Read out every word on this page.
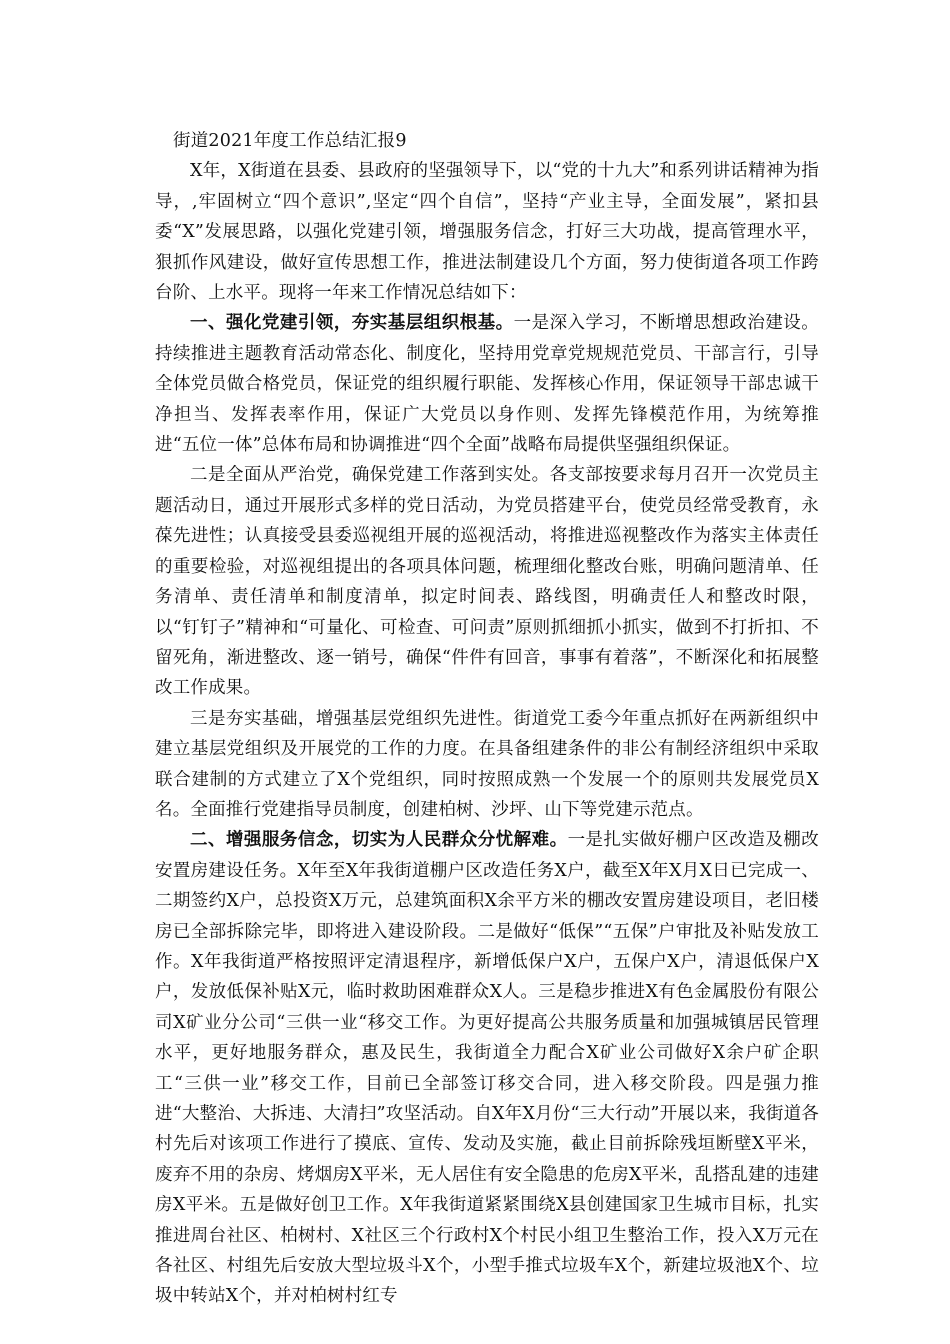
街道2021年度工作总结汇报9

X年，X街道在县委、县政府的坚强领导下，以“党的十九大”和系列讲话精神为指导，,牢固树立“四个意识”,坚定“四个自信”，坚持“产业主导，全面发展”，紧扣县委“X”发展思路，以强化党建引领，增强服务信念，打好三大功战，提高管理水平，狠抓作风建设，做好宣传思想工作，推进法制建设几个方面，努力使街道各项工作跨台阶、上水平。现将一年来工作情况总结如下：

一、强化党建引领，夯实基层组织根基。一是深入学习，不断增思想政治建设。持续推进主题教育活动常态化、制度化，坚持用党章党规规范党员、干部言行，引导全体党员做合格党员，保证党的组织履行职能、发挥核心作用，保证领导干部忠诚干净担当、发挥表率作用，保证广大党员以身作则、发挥先锋模范作用，为统筹推进“五位一体”总体布局和协调推进“四个全面”战略布局提供坚强组织保证。

二是全面从严治党，确保党建工作落到实处。各支部按要求每月召开一次党员主题活动日，通过开展形式多样的党日活动，为党员搭建平台，使党员经常受教育，永葆先进性；认真接受县委巡视组开展的巡视活动，将推进巡视整改作为落实主体责任的重要检验，对巡视组提出的各项具体问题，梳理细化整改台账，明确问题清单、任务清单、责任清单和制度清单，拟定时间表、路线图，明确责任人和整改时限，以“钉钉子”精神和“可量化、可检查、可问责”原则抓细抓小抓实，做到不打折扣、不留死角，渐进整改、逐一销号，确保“件件有回音，事事有着落”，不断深化和拓展整改工作成果。

三是夯实基础，增强基层党组织先进性。街道党工委今年重点抓好在两新组织中建立基层党组织及开展党的工作的力度。在具备组建条件的非公有制经济组织中采取联合建制的方式建立了X个党组织，同时按照成熟一个发展一个的原则共发展党员X名。全面推行党建指导员制度，创建柏树、沙坪、山下等党建示范点。

二、增强服务信念，切实为人民群众分忧解难。一是扎实做好棚户区改造及棚改安置房建设任务。X年至X年我街道棚户区改造任务X户，截至X年X月X日已完成一、二期签约X户，总投资X万元，总建筑面积X余平方米的棚改安置房建设项目，老旧楼房已全部拆除完毕，即将进入建设阶段。二是做好“低保”“五保”户审批及补贴发放工作。X年我街道严格按照评定清退程序，新增低保户X户，五保户X户，清退低保户X户，发放低保补贴X元，临时救助困难群众X人。三是稳步推进X有色金属股份有限公司X矿业分公司“三供一业“移交工作。为更好提高公共服务质量和加强城镇居民管理水平，更好地服务群众，惠及民生，我街道全力配合X矿业公司做好X余户矿企职工“三供一业”移交工作，目前已全部签订移交合同，进入移交阶段。四是强力推进“大整治、大拆违、大清扫”攻坚活动。自X年X月份“三大行动”开展以来，我街道各村先后对该项工作进行了摸底、宣传、发动及实施，截止目前拆除残垣断壁X平米，废弃不用的杂房、烤烟房X平米，无人居住有安全隐患的危房X平米，乱搭乱建的违建房X平米。五是做好创卫工作。X年我街道紧紧围绕X县创建国家卫生城市目标，扎实推进周台社区、柏树村、X社区三个行政村X个村民小组卫生整治工作，投入X万元在各社区、村组先后安放大型垃圾斗X个，小型手推式垃圾车X个，新建垃圾池X个、垃圾中转站X个，并对柏树村红专
